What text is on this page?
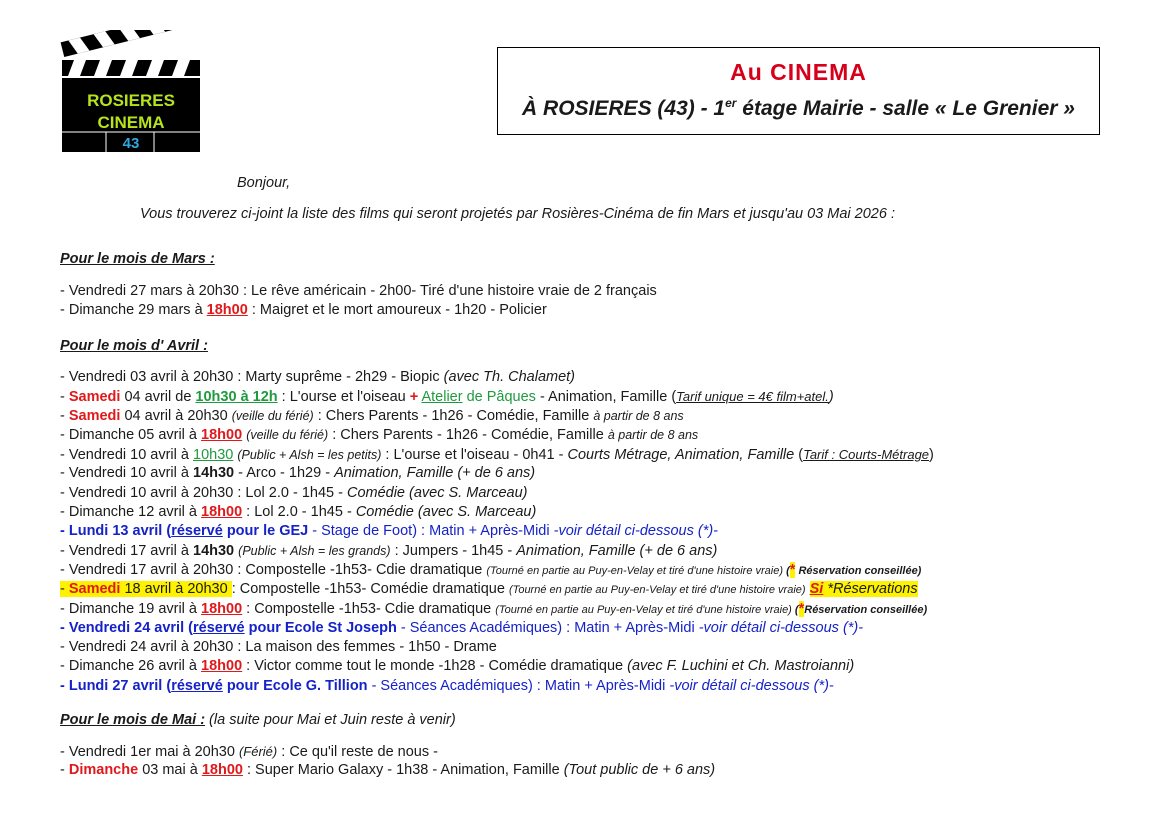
ROSIERES
CINEMA
43
Au CINEMA
À ROSIERES (43) - 1er étage Mairie - salle « Le Grenier »
Bonjour,
Vous trouverez ci-joint la liste des films qui seront projetés par Rosières-Cinéma de fin Mars et jusqu'au 03 Mai 2026 :
Pour le mois de Mars :
- Vendredi 27 mars à 20h30 : Le rêve américain - 2h00- Tiré d'une histoire vraie de 2 français
- Dimanche 29 mars à 18h00 : Maigret et le mort amoureux - 1h20 - Policier
Pour le mois d' Avril :
- Vendredi 03 avril à 20h30 : Marty suprême - 2h29 - Biopic (avec Th. Chalamet)
- Samedi 04 avril de 10h30 à 12h : L'ourse et l'oiseau + Atelier de Pâques - Animation, Famille (Tarif unique = 4€ film+atel.)
- Samedi 04 avril à 20h30 (veille du férié) : Chers Parents - 1h26 - Comédie, Famille à partir de 8 ans
- Dimanche 05 avril à 18h00 (veille du férié) : Chers Parents - 1h26 - Comédie, Famille à partir de 8 ans
- Vendredi 10 avril à 10h30 (Public + Alsh = les petits) : L'ourse et l'oiseau - 0h41 - Courts Métrage, Animation, Famille (Tarif : Courts-Métrage)
- Vendredi 10 avril à 14h30 - Arco - 1h29 - Animation, Famille (+ de 6 ans)
- Vendredi 10 avril à 20h30 : Lol 2.0 - 1h45 - Comédie (avec S. Marceau)
- Dimanche 12 avril à 18h00 : Lol 2.0 - 1h45 - Comédie (avec S. Marceau)
- Lundi 13 avril (réservé pour le GEJ - Stage de Foot) : Matin + Après-Midi -voir détail ci-dessous (*)-
- Vendredi 17 avril à 14h30 (Public + Alsh = les grands) : Jumpers - 1h45 - Animation, Famille (+ de 6 ans)
- Vendredi 17 avril à 20h30 : Compostelle -1h53- Cdie dramatique (Tourné en partie au Puy-en-Velay et tiré d'une histoire vraie) (* Réservation conseillée)
- Samedi 18 avril à 20h30 : Compostelle -1h53- Comédie dramatique (Tourné en partie au Puy-en-Velay et tiré d'une histoire vraie) Si *Réservations
- Dimanche 19 avril à 18h00 : Compostelle -1h53- Cdie dramatique (Tourné en partie au Puy-en-Velay et tiré d'une histoire vraie) (*Réservation conseillée)
- Vendredi 24 avril (réservé pour Ecole St Joseph - Séances Académiques) : Matin + Après-Midi -voir détail ci-dessous (*)-
- Vendredi 24 avril à 20h30 : La maison des femmes - 1h50 - Drame
- Dimanche 26 avril à 18h00 : Victor comme tout le monde -1h28 - Comédie dramatique (avec F. Luchini et Ch. Mastroianni)
- Lundi 27 avril (réservé pour Ecole G. Tillion - Séances Académiques) : Matin + Après-Midi -voir détail ci-dessous (*)-
Pour le mois de Mai : (la suite pour Mai et Juin reste à venir)
- Vendredi 1er mai à 20h30 (Férié) : Ce qu'il reste de nous -
- Dimanche 03 mai à 18h00 : Super Mario Galaxy - 1h38 - Animation, Famille (Tout public de + 6 ans)
